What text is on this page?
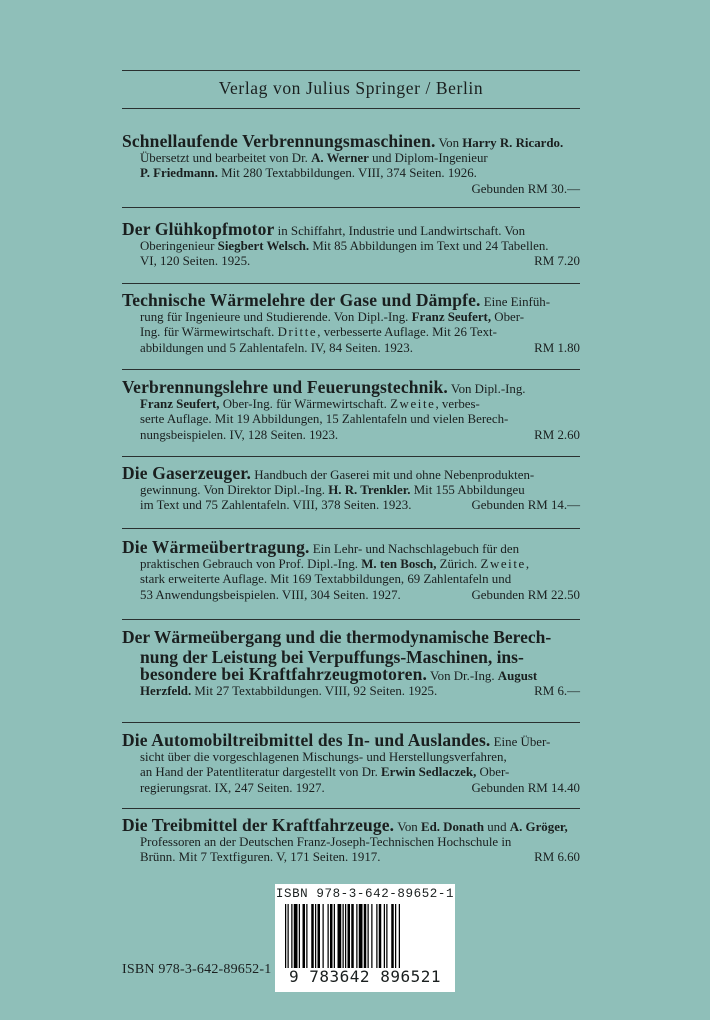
Verlag von Julius Springer / Berlin
Schnellaufende Verbrennungsmaschinen. Von Harry R. Ricardo.
Übersetzt und bearbeitet von Dr. A. Werner und Diplom-Ingenieur
P. Friedmann. Mit 280 Textabbildungen. VIII, 374 Seiten. 1926.
Gebunden RM 30.—
Der Glühkopfmotor in Schiffahrt, Industrie und Landwirtschaft. Von
Oberingenieur Siegbert Welsch. Mit 85 Abbildungen im Text und 24 Tabellen.
VI, 120 Seiten. 1925.	RM 7.20
Technische Wärmelehre der Gase und Dämpfe. Eine Einfüh-
rung für Ingenieure und Studierende. Von Dipl.-Ing. Franz Seufert, Ober-
Ing. für Wärmewirtschaft. Dritte, verbesserte Auflage. Mit 26 Text-
abbildungen und 5 Zahlentafeln. IV, 84 Seiten. 1923.	RM 1.80
Verbrennungslehre und Feuerungstechnik. Von Dipl.-Ing.
Franz Seufert, Ober-Ing. für Wärmewirtschaft. Zweite, verbes-
serte Auflage. Mit 19 Abbildungen, 15 Zahlentafeln und vielen Berech-
nungsbeispielen. IV, 128 Seiten. 1923.	RM 2.60
Die Gaserzeuger. Handbuch der Gaserei mit und ohne Nebenprodukten-
gewinnung. Von Direktor Dipl.-Ing. H. R. Trenkler. Mit 155 Abbildungeu
im Text und 75 Zahlentafeln. VIII, 378 Seiten. 1923.	Gebunden RM 14.—
Die Wärmeübertragung. Ein Lehr- und Nachschlagebuch für den
praktischen Gebrauch von Prof. Dipl.-Ing. M. ten Bosch, Zürich. Zweite,
stark erweiterte Auflage. Mit 169 Textabbildungen, 69 Zahlentafeln und
53 Anwendungsbeispielen. VIII, 304 Seiten. 1927.	Gebunden RM 22.50
Der Wärmeübergang und die thermodynamische Berech-
nung der Leistung bei Verpuffungs-Maschinen, ins-
besondere bei Kraftfahrzeugmotoren. Von Dr.-Ing. August
Herzfeld. Mit 27 Textabbildungen. VIII, 92 Seiten. 1925.	RM 6.—
Die Automobiltreibmittel des In- und Auslandes. Eine Über-
sicht über die vorgeschlagenen Mischungs- und Herstellungsverfahren,
an Hand der Patentliteratur dargestellt von Dr. Erwin Sedlaczek, Ober-
regierungsrat. IX, 247 Seiten. 1927.	Gebunden RM 14.40
Die Treibmittel der Kraftfahrzeuge. Von Ed. Donath und A. Gröger,
Professoren an der Deutschen Franz-Joseph-Technischen Hochschule in
Brünn. Mit 7 Textfiguren. V, 171 Seiten. 1917.	RM 6.60
ISBN 978-3-642-89652-1
ISBN 978-3-642-89652-1
9 783642 896521
